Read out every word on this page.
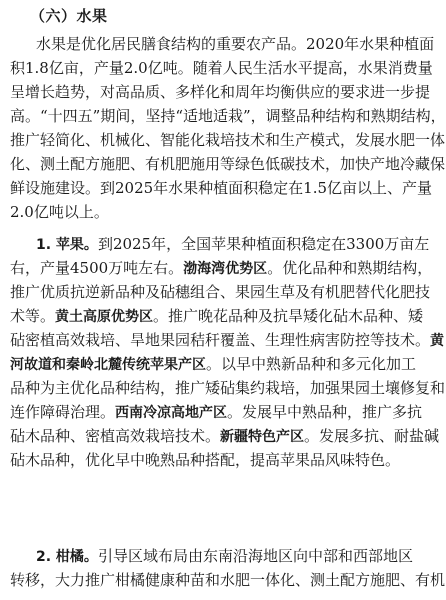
（六）水果
水果是优化居民膳食结构的重要农产品。2020年水果种植面
积1.8亿亩，产量2.0亿吨。随着人民生活水平提高，水果消费量
呈增长趋势，对高品质、多样化和周年均衡供应的要求进一步提
高。“十四五”期间，坚持“适地适栽”，调整品种结构和熟期结构，
推广轻简化、机械化、智能化栽培技术和生产模式，发展水肥一体
化、测土配方施肥、有机肥施用等绿色低碳技术，加快产地冷藏保
鲜设施建设。到2025年水果种植面积稳定在1.5亿亩以上、产量
2.0亿吨以上。
1. 苹果。到2025年，全国苹果种植面积稳定在3300万亩左
右，产量4500万吨左右。渤海湾优势区。优化品种和熟期结构，
推广优质抗逆新品种及砧穗组合、果园生草及有机肥替代化肥技
术等。黄土高原优势区。推广晚花品种及抗旱矮化砧木品种、矮
砧密植高效栽培、旱地果园秸秆覆盖、生理性病害防控等技术。黄
河故道和秦岭北麓传统苹果产区。以早中熟新品种和多元化加工
品种为主优化品种结构，推广矮砧集约栽培，加强果园土壤修复和
连作障碍治理。西南冷凉高地产区。发展早中熟品种，推广多抗
砧木品种、密植高效栽培技术。新疆特色产区。发展多抗、耐盐碱
砧木品种，优化早中晚熟品种搭配，提高苹果品风味特色。
2. 柑橘。引导区域布局由东南沿海地区向中部和西部地区
转移，大力推广柑橘健康种苗和水肥一体化、测土配方施肥、有机
